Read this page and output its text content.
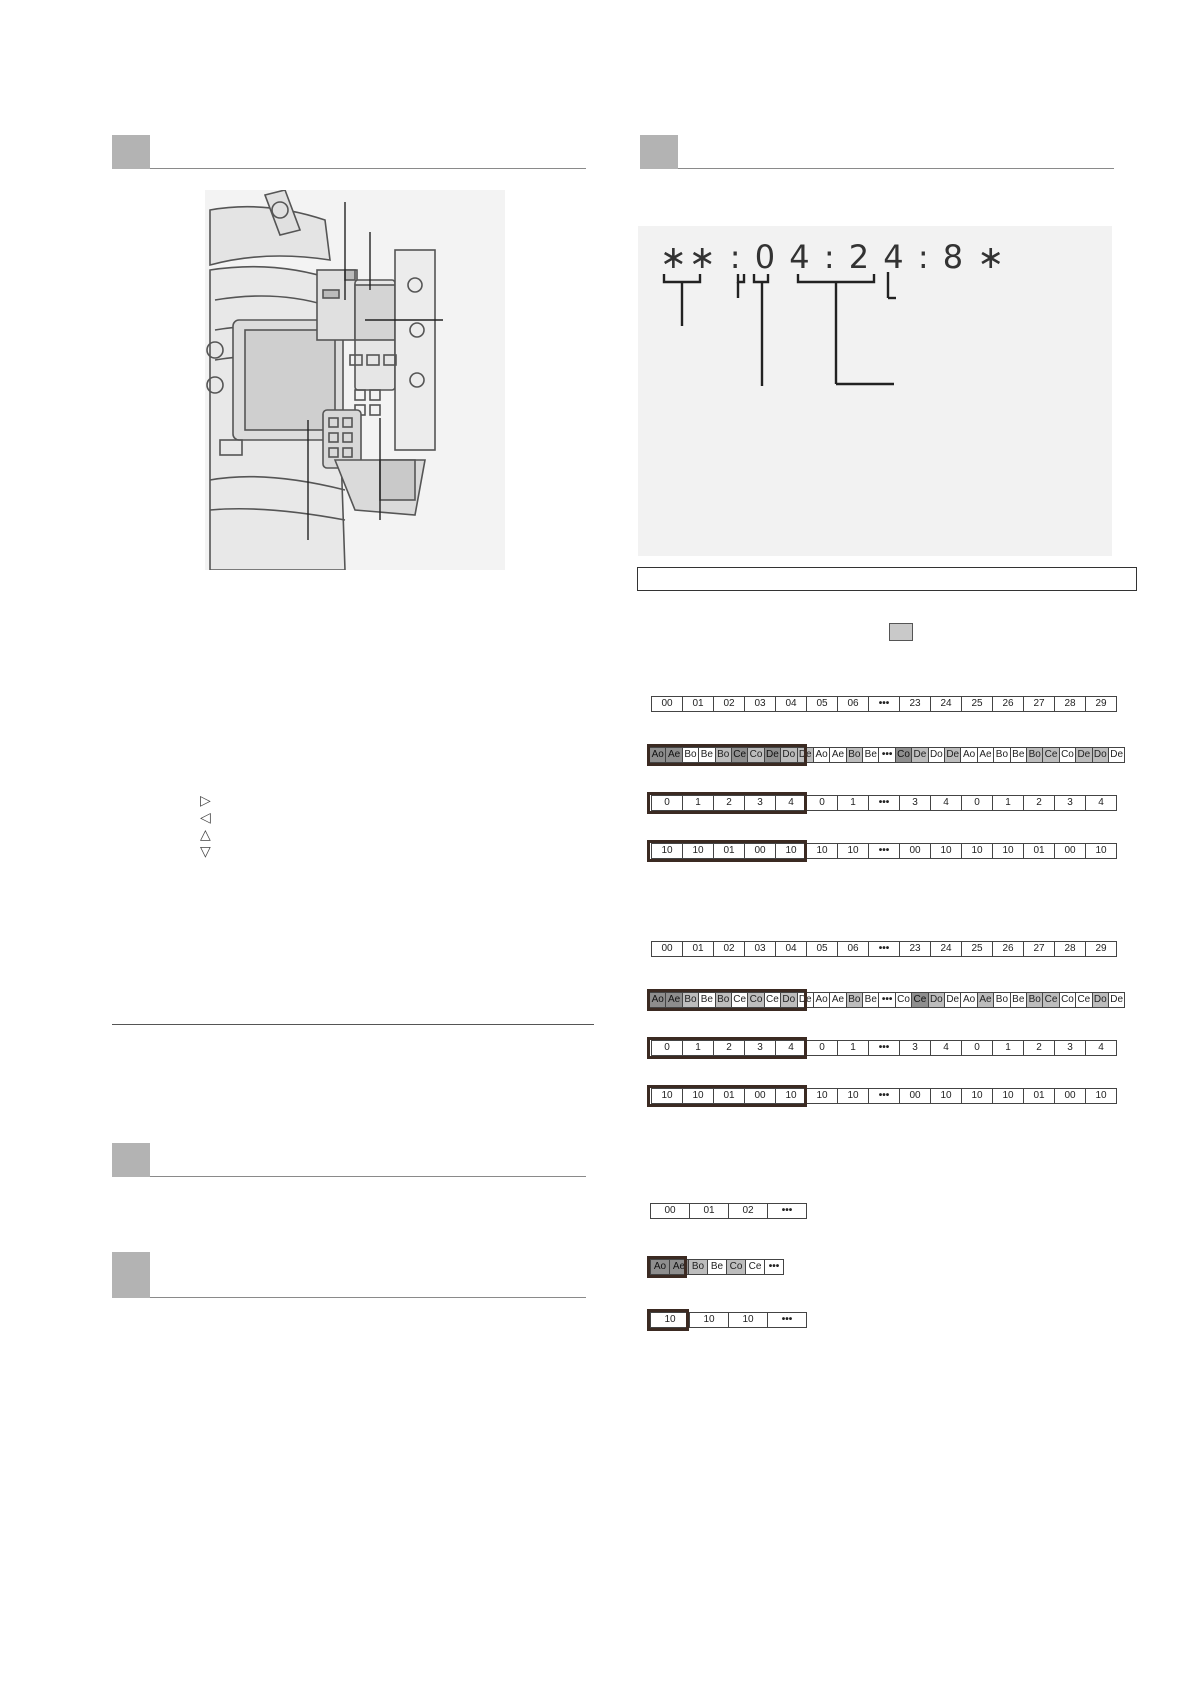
∗∗ : 0 4 : 2 4 : 8 ∗
▷
◁
△
▽
00	01	02	03	04	05	06	•••	23	24	25	26	27	28	29
Ao Ae Bo Be Bo Ce Co De Do De Ao Ae Bo Be ••• Co De Do De Ao Ae Bo Be Bo Ce Co De Do De
0	1	2	3	4	0	1	•••	3	4	0	1	2	3	4
10	10	01	00	10	10	10	•••	00	10	10	10	01	00	10
00	01	02	03	04	05	06	•••	23	24	25	26	27	28	29
Ao Ae Bo Be Bo Ce Co Ce Do De Ao Ae Bo Be ••• Co Ce Do De Ao Ae Bo Be Bo Ce Co Ce Do De
0	1	2	3	4	0	1	•••	3	4	0	1	2	3	4
10	10	01	00	10	10	10	•••	00	10	10	10	01	00	10
00	01	02	•••
Ao Ae Bo Be Co Ce •••
10	10	10	•••
